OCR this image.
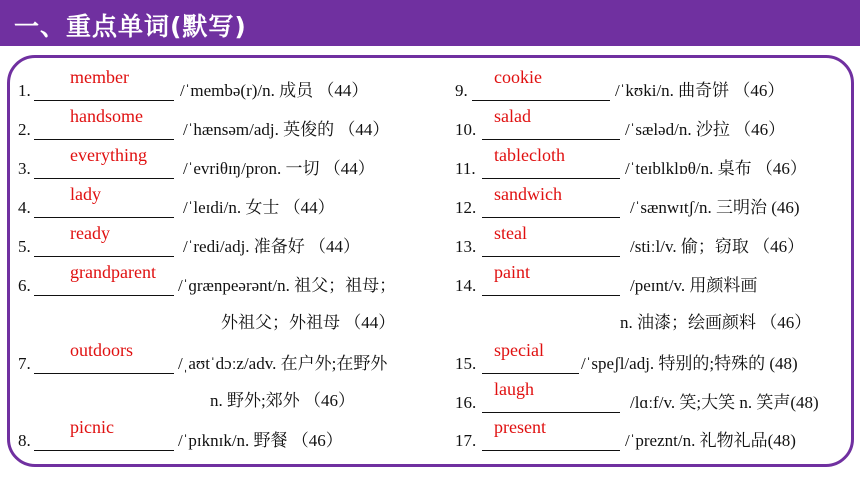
一、重点单词(默写)
1.
member
/ˈmembə(r)/n. 成员 （44）
2.
handsome
/ˈhænsəm/adj. 英俊的 （44）
3.
everything
/ˈevriθɪŋ/pron. 一切 （44）
4.
lady
/ˈleɪdi/n. 女士 （44）
5.
ready
/ˈredi/adj. 准备好 （44）
6.
grandparent
/ˈɡrænpeərənt/n. 祖父；祖母；
外祖父；外祖母 （44）
7.
outdoors
/ˌaʊtˈdɔːz/adv. 在户外;在野外
n. 野外;郊外 （46）
8.
picnic
/ˈpɪknɪk/n. 野餐 （46）
9.
cookie
/ˈkʊki/n. 曲奇饼 （46）
10.
salad
/ˈsæləd/n. 沙拉 （46）
11.
tablecloth
/ˈteɪblklɒθ/n. 桌布 （46）
12.
sandwich
/ˈsænwɪtʃ/n. 三明治 (46)
13.
steal
/stiːl/v. 偷；窃取 （46）
14.
paint
/peɪnt/v. 用颜料画
n. 油漆；绘画颜料 （46）
15.
special
/ˈspeʃl/adj. 特别的;特殊的 (48)
16.
laugh
/lɑːf/v. 笑;大笑 n. 笑声(48)
17.
present
/ˈpreznt/n. 礼物礼品(48)
